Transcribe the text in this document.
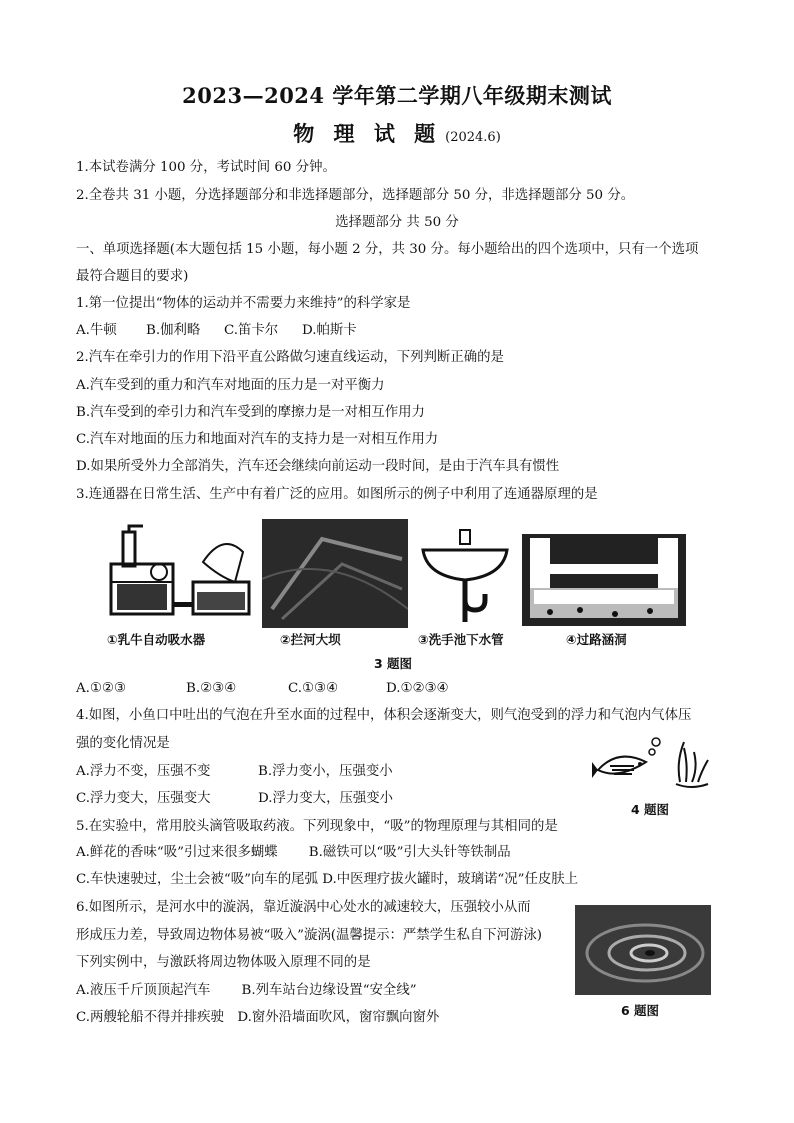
2023—2024 学年第二学期八年级期末测试
物 理 试 题 (2024.6)
1.本试卷满分 100 分，考试时间 60 分钟。
2.全卷共 31 小题，分选择题部分和非选择题部分，选择题部分 50 分，非选择题部分 50 分。
选择题部分 共 50 分
一、单项选择题(本大题包括 15 小题，每小题 2 分，共 30 分。每小题给出的四个选项中，只有一个选项
最符合题目的要求)
1.第一位提出“物体的运动并不需要力来维持”的科学家是
A.牛顿 B.伽利略 C.笛卡尔 D.帕斯卡
2.汽车在牵引力的作用下沿平直公路做匀速直线运动，下列判断正确的是
A.汽车受到的重力和汽车对地面的压力是一对平衡力
B.汽车受到的牵引力和汽车受到的摩擦力是一对相互作用力
C.汽车对地面的压力和地面对汽车的支持力是一对相互作用力
D.如果所受外力全部消失，汽车还会继续向前运动一段时间，是由于汽车具有惯性
3.连通器在日常生活、生产中有着广泛的应用。如图所示的例子中利用了连通器原理的是
①乳牛自动吸水器	②拦河大坝	③洗手池下水管	④过路涵洞
3 题图
A.①②③	B.②③④	C.①③④	D.①②③④
4.如图，小鱼口中吐出的气泡在升至水面的过程中，体积会逐渐变大，则气泡受到的浮力和气泡内气体压
强的变化情况是
A.浮力不变，压强不变	B.浮力变小，压强变小
C.浮力变大，压强变大	D.浮力变大，压强变小
4 题图
5.在实验中，常用胶头滴管吸取药液。下列现象中，“吸”的物理原理与其相同的是
A.鲜花的香味“吸”引过来很多蝴蝶　　 B.磁铁可以“吸”引大头针等铁制品
C.车快速驶过，尘土会被“吸”向车的尾弧 D.中医理疗拔火罐时，玻璃诺“况”任皮肤上
6.如图所示，是河水中的漩涡，靠近漩涡中心处水的减速较大，压强较小从而
形成压力差，导致周边物体易被“吸入”漩涡(温馨提示：严禁学生私自下河游泳)
下列实例中，与激跃将周边物体吸入原理不同的是
A.液压千斤顶顶起汽车　　 B.列车站台边缘设置“安全线”
C.两艘轮船不得并排疾驶　D.窗外沿墙面吹风，窗帘飘向窗外	6 题图
